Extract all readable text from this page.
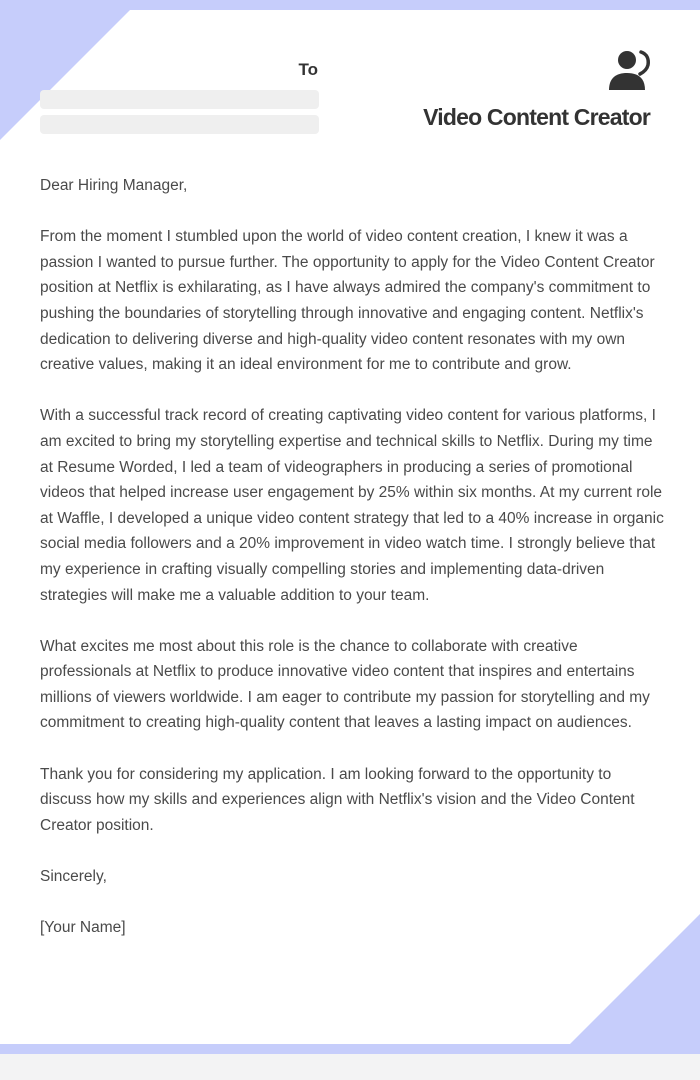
To
Video Content Creator

Dear Hiring Manager,

From the moment I stumbled upon the world of video content creation, I knew it was a passion I wanted to pursue further. The opportunity to apply for the Video Content Creator position at Netflix is exhilarating, as I have always admired the company's commitment to pushing the boundaries of storytelling through innovative and engaging content. Netflix's dedication to delivering diverse and high-quality video content resonates with my own creative values, making it an ideal environment for me to contribute and grow.

With a successful track record of creating captivating video content for various platforms, I am excited to bring my storytelling expertise and technical skills to Netflix. During my time at Resume Worded, I led a team of videographers in producing a series of promotional videos that helped increase user engagement by 25% within six months. At my current role at Waffle, I developed a unique video content strategy that led to a 40% increase in organic social media followers and a 20% improvement in video watch time. I strongly believe that my experience in crafting visually compelling stories and implementing data-driven strategies will make me a valuable addition to your team.

What excites me most about this role is the chance to collaborate with creative professionals at Netflix to produce innovative video content that inspires and entertains millions of viewers worldwide. I am eager to contribute my passion for storytelling and my commitment to creating high-quality content that leaves a lasting impact on audiences.

Thank you for considering my application. I am looking forward to the opportunity to discuss how my skills and experiences align with Netflix's vision and the Video Content Creator position.

Sincerely,

[Your Name]
